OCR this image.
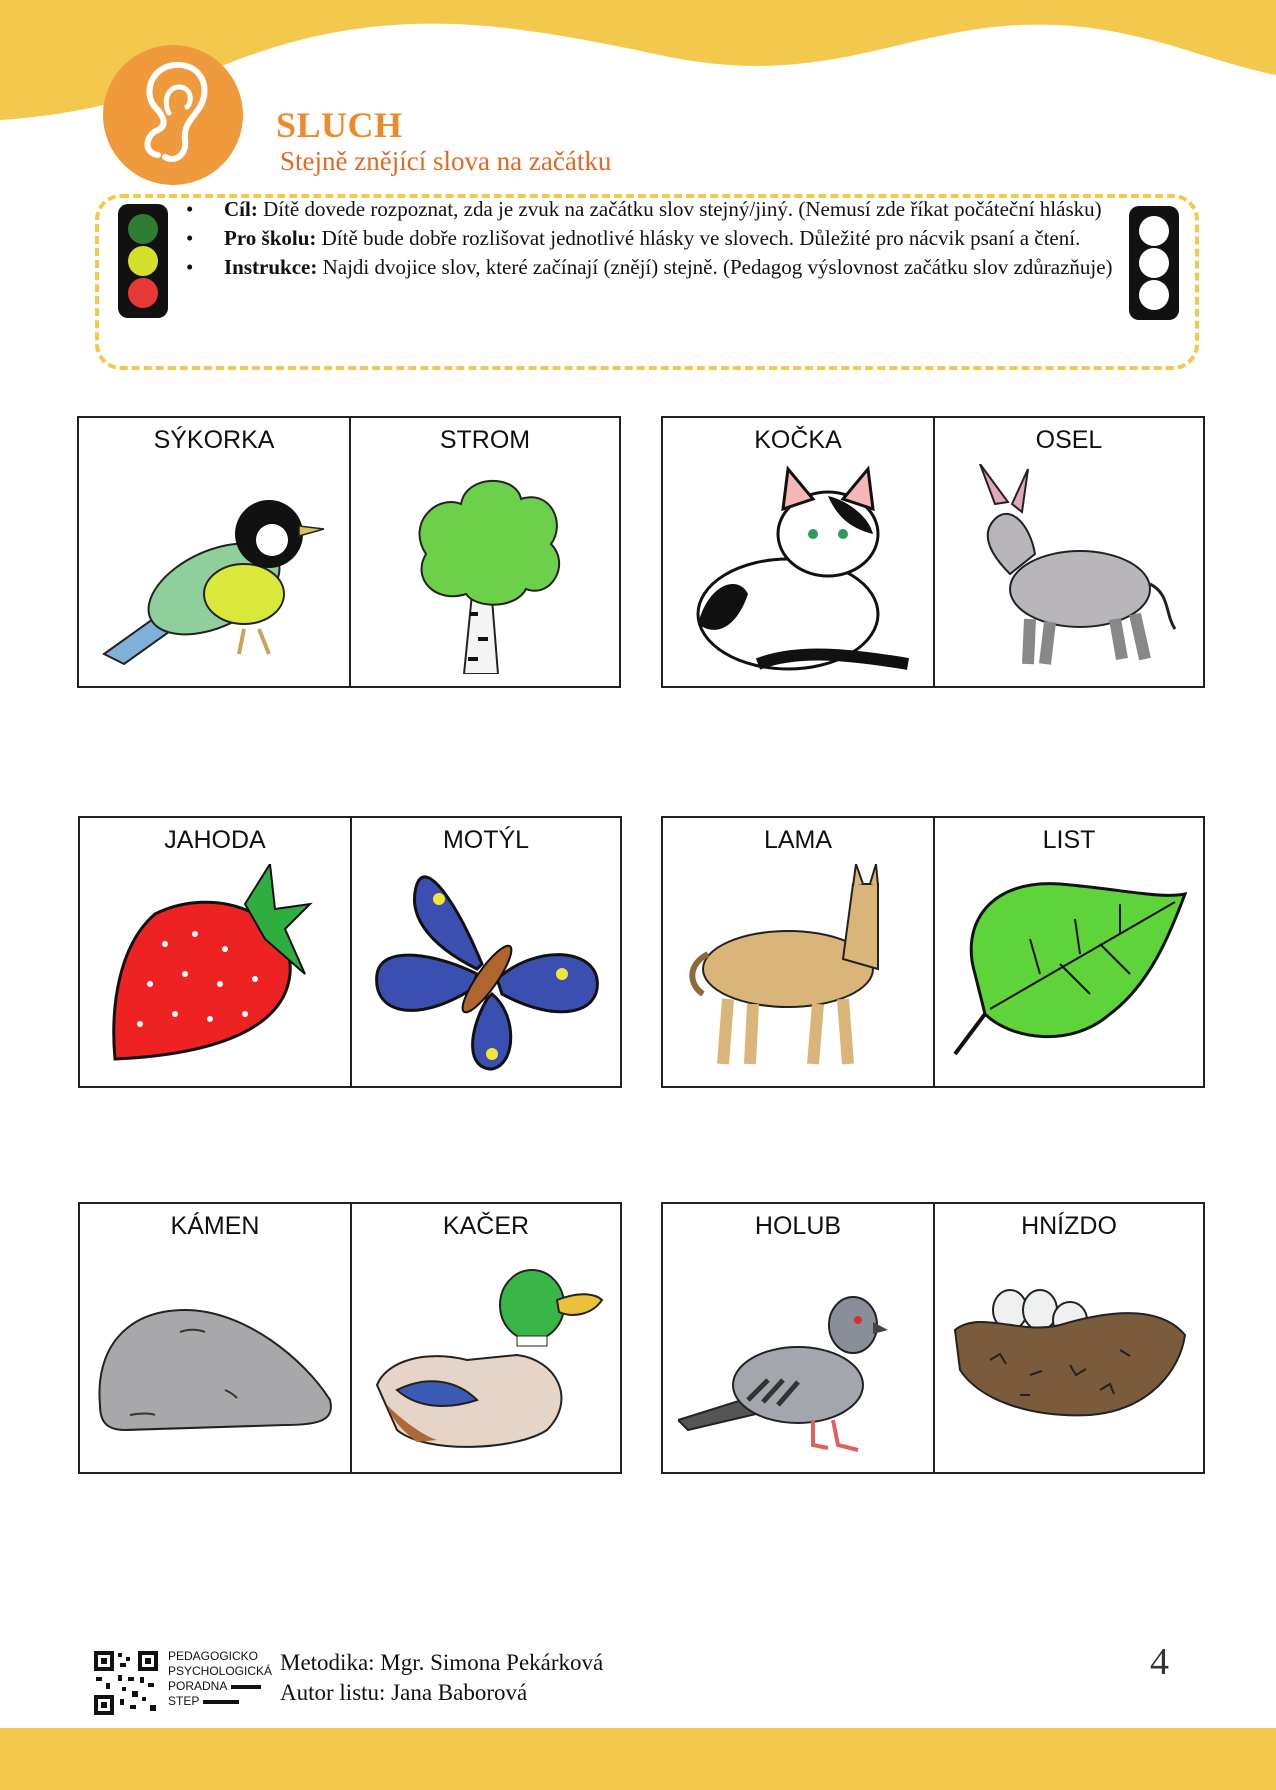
SLUCH
Stejně znějící slova na začátku
• Cíl: Dítě dovede rozpoznat, zda je zvuk na začátku slov stejný/jiný. (Nemusí zde říkat počáteční hlásku)
• Pro školu: Dítě bude dobře rozlišovat jednotlivé hlásky ve slovech. Důležité pro nácvik psaní a čtení.
• Instrukce: Najdi dvojice slov, které začínají (znějí) stejně. (Pedagog výslovnost začátku slov zdůrazňuje)
SÝKORKA	STROM	KOČKA	OSEL
JAHODA	MOTÝL	LAMA	LIST
KÁMEN	KAČER	HOLUB	HNÍZDO
PEDAGOGICKO
PSYCHOLOGICKÁ
PORADNA
STEP
Metodika: Mgr. Simona Pekárková
Autor listu: Jana Baborová
4
